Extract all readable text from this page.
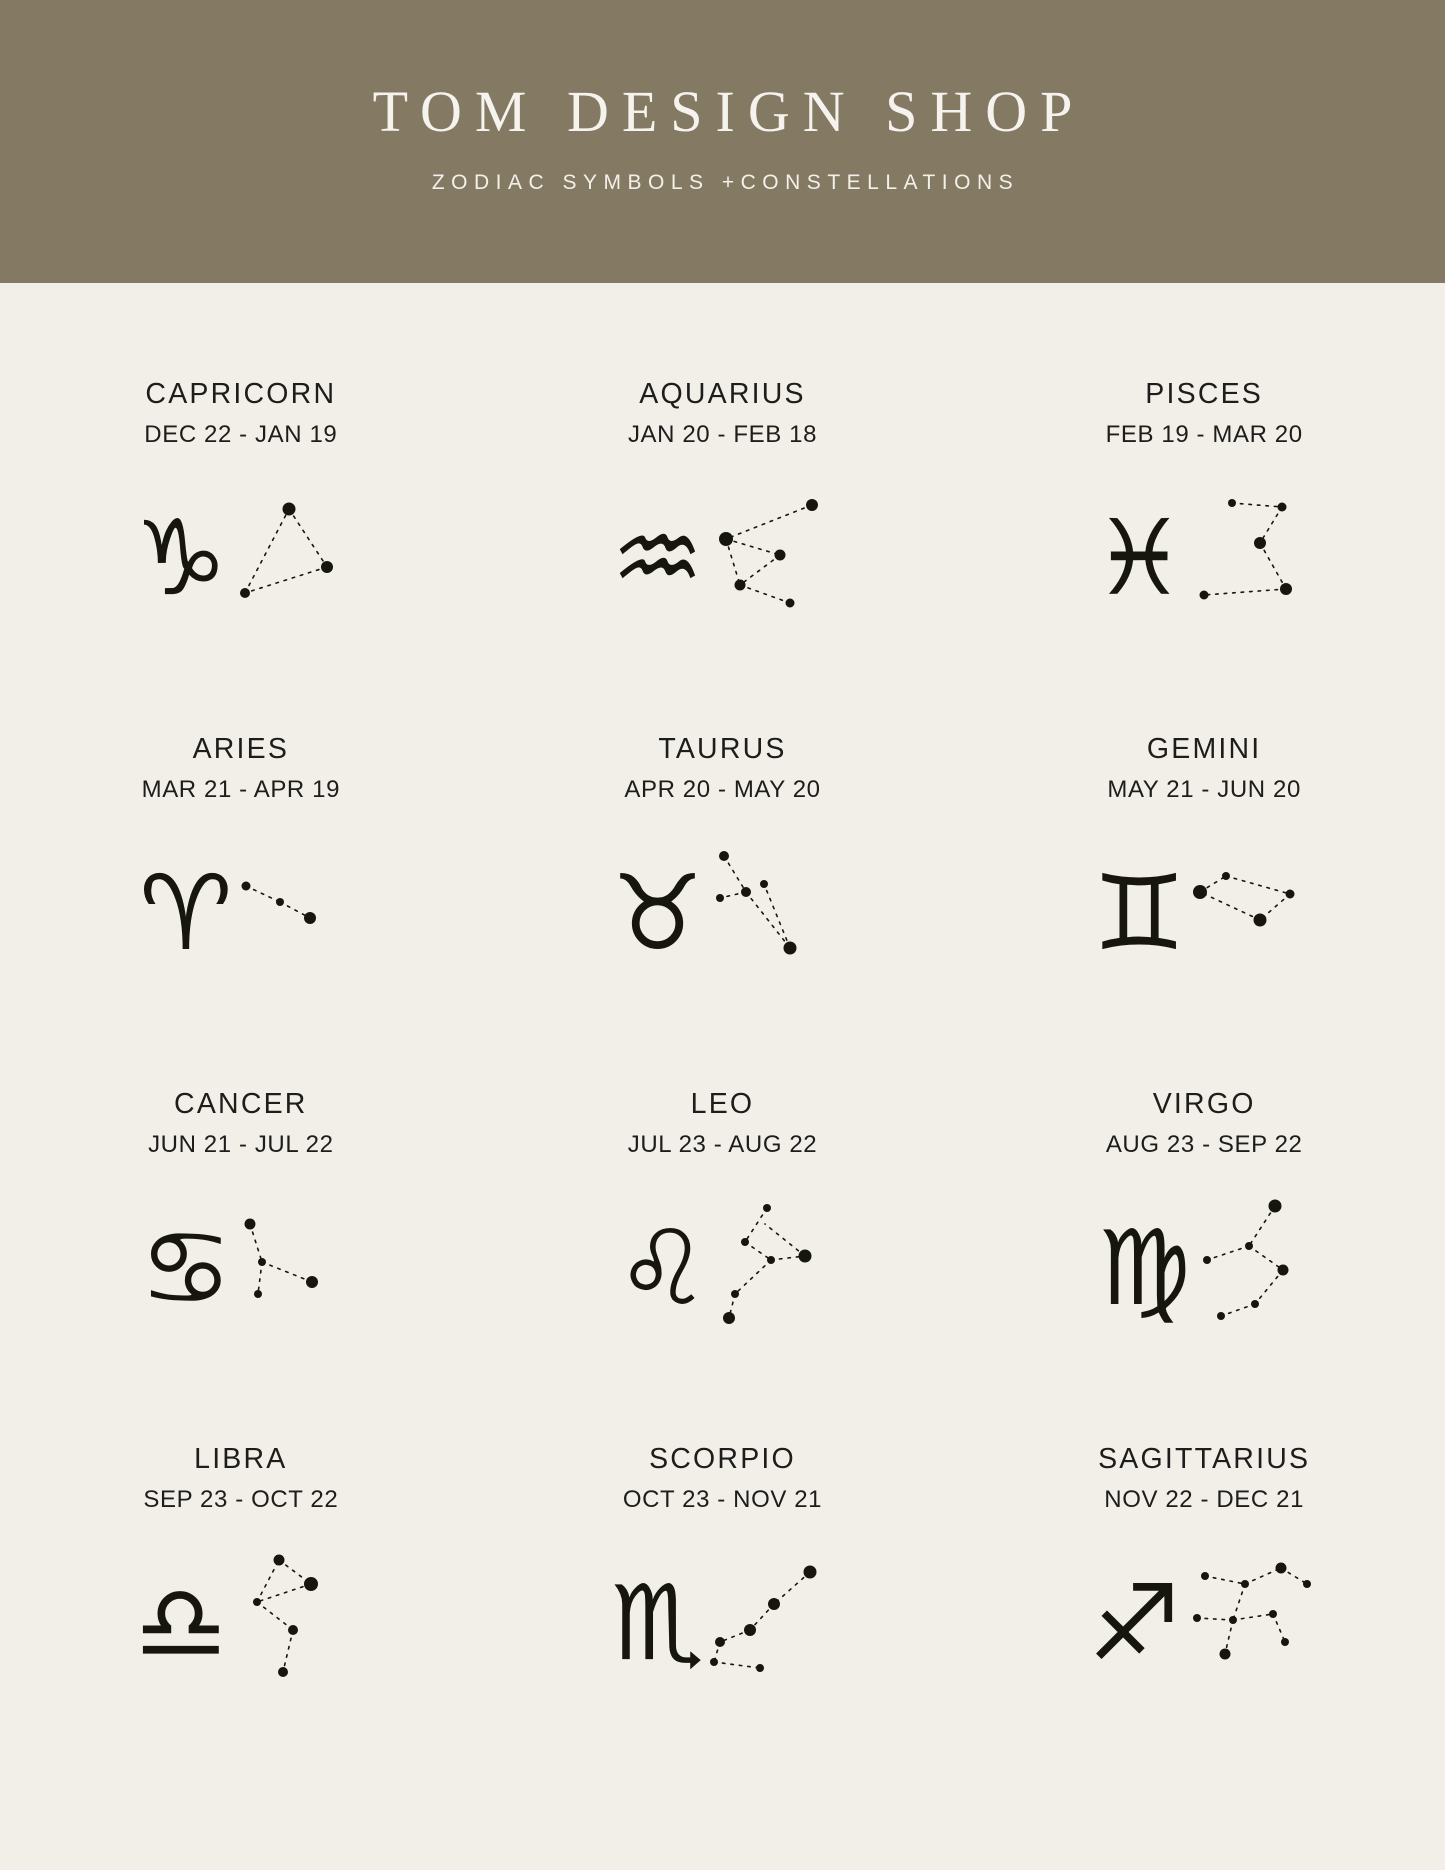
TOM DESIGN SHOP
ZODIAC SYMBOLS +CONSTELLATIONS
CAPRICORN
DEC 22 - JAN 19
♑
AQUARIUS
JAN 20 - FEB 18
♒
PISCES
FEB 19 - MAR 20
♓
ARIES
MAR 21 - APR 19
♈
TAURUS
APR 20 - MAY 20
♉
GEMINI
MAY 21 - JUN 20
♊
CANCER
JUN 21 - JUL 22
♋
LEO
JUL 23 - AUG 22
♌
VIRGO
AUG 23 - SEP 22
♍
LIBRA
SEP 23 - OCT 22
♎
SCORPIO
OCT 23 - NOV 21
♏
SAGITTARIUS
NOV 22 - DEC 21
♐
